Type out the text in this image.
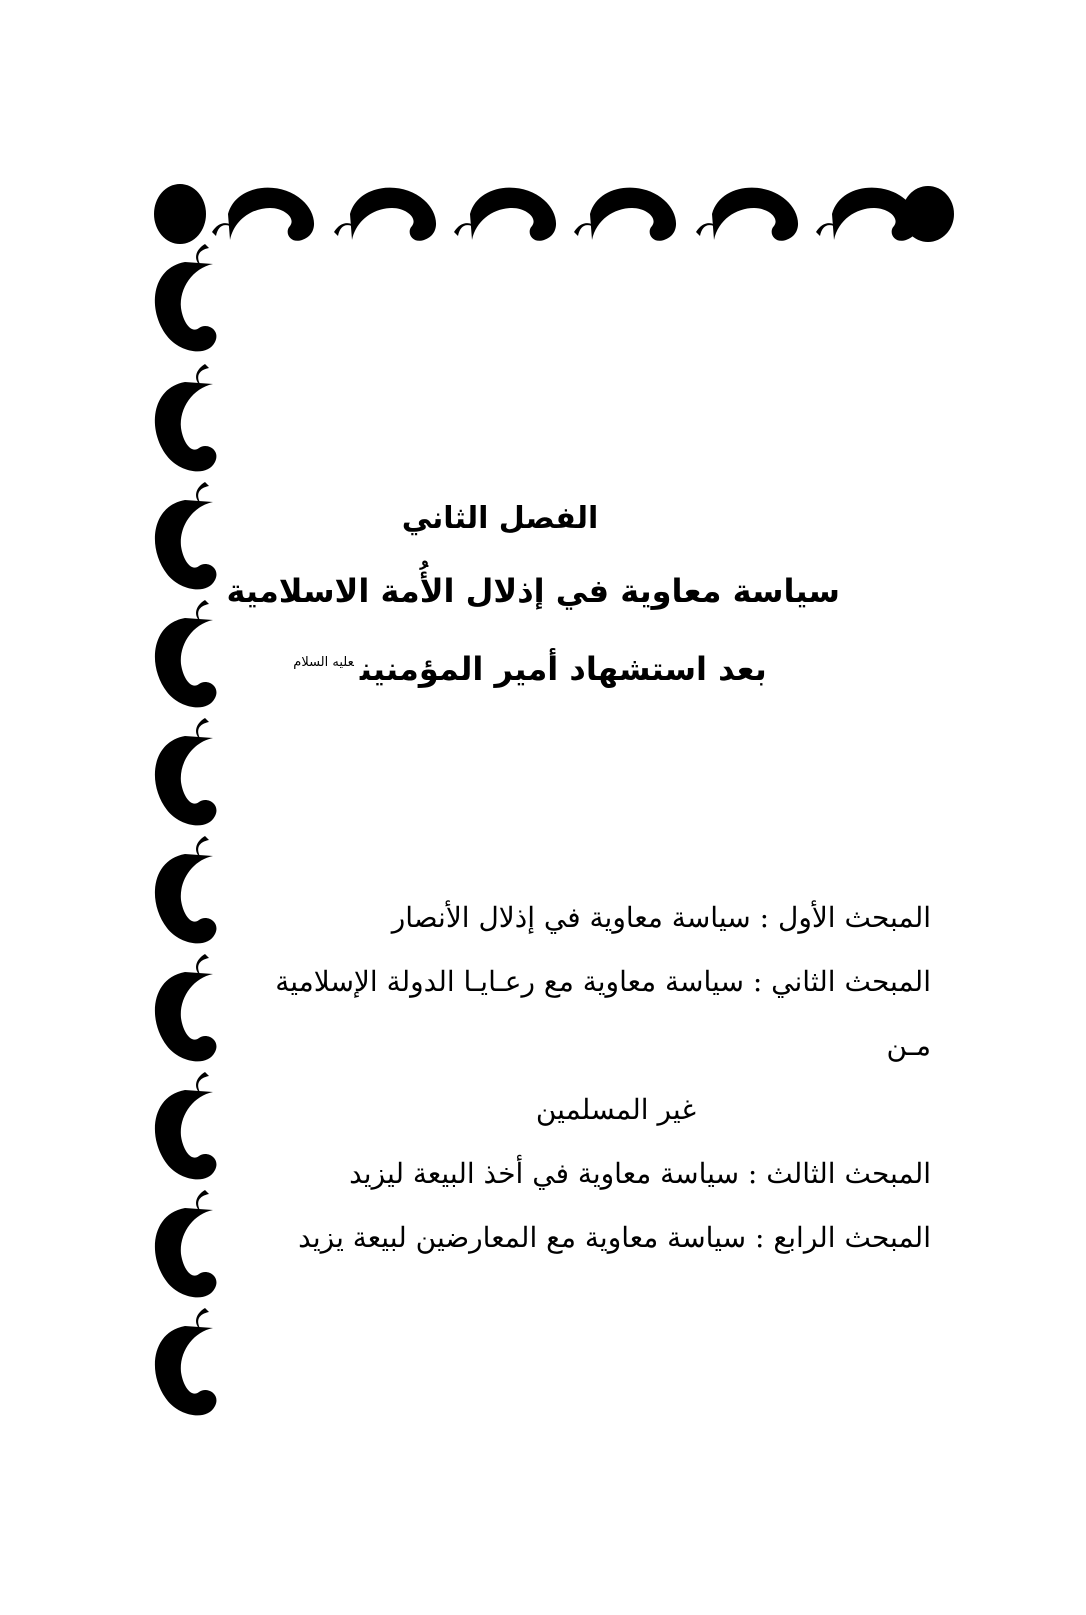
الفصل الثاني
سياسة معاوية في إذلال الأُمة الاسلامية
بعد استشهاد أمير المؤمنين$^{عليه السلام}$
المبحث الأول : سياسة معاوية في إذلال الأنصار
المبحث الثاني : سياسة معاوية مع رعـايـا الدولة الإسلامية مـن
غير المسلمين
المبحث الثالث : سياسة معاوية في أخذ البيعة ليزيد
المبحث الرابع : سياسة معاوية مع المعارضين لبيعة يزيد
